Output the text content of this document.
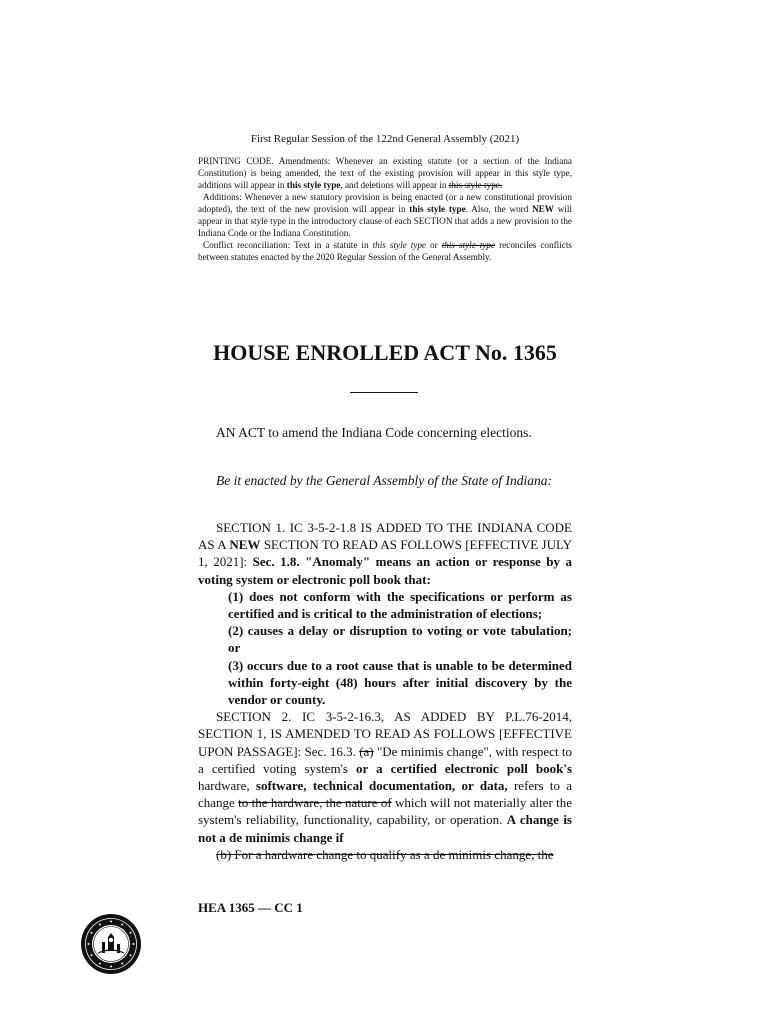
First Regular Session of the 122nd General Assembly (2021)

PRINTING CODE. Amendments: Whenever an existing statute (or a section of the Indiana Constitution) is being amended, the text of the existing provision will appear in this style type, additions will appear in this style type, and deletions will appear in this style type.

Additions: Whenever a new statutory provision is being enacted (or a new constitutional provision adopted), the text of the new provision will appear in this style type. Also, the word NEW will appear in that style type in the introductory clause of each SECTION that adds a new provision to the Indiana Code or the Indiana Constitution.

Conflict reconciliation: Text in a statute in this style type or this style type reconciles conflicts between statutes enacted by the 2020 Regular Session of the General Assembly.

HOUSE ENROLLED ACT No. 1365
AN ACT to amend the Indiana Code concerning elections.
Be it enacted by the General Assembly of the State of Indiana:

SECTION 1. IC 3-5-2-1.8 IS ADDED TO THE INDIANA CODE AS A NEW SECTION TO READ AS FOLLOWS [EFFECTIVE JULY 1, 2021]: Sec. 1.8. "Anomaly" means an action or response by a voting system or electronic poll book that:

(1) does not conform with the specifications or perform as certified and is critical to the administration of elections;

(2) causes a delay or disruption to voting or vote tabulation; or

(3) occurs due to a root cause that is unable to be determined within forty-eight (48) hours after initial discovery by the vendor or county.

SECTION 2. IC 3-5-2-16.3, AS ADDED BY P.L.76-2014, SECTION 1, IS AMENDED TO READ AS FOLLOWS [EFFECTIVE UPON PASSAGE]: Sec. 16.3. (a) "De minimis change", with respect to a certified voting system's or a certified electronic poll book's hardware, software, technical documentation, or data, refers to a change to the hardware, the nature of which will not materially alter the system's reliability, functionality, capability, or operation. A change is not a de minimis change if

(b) For a hardware change to qualify as a de minimis change, the

HEA 1365 — CC 1
